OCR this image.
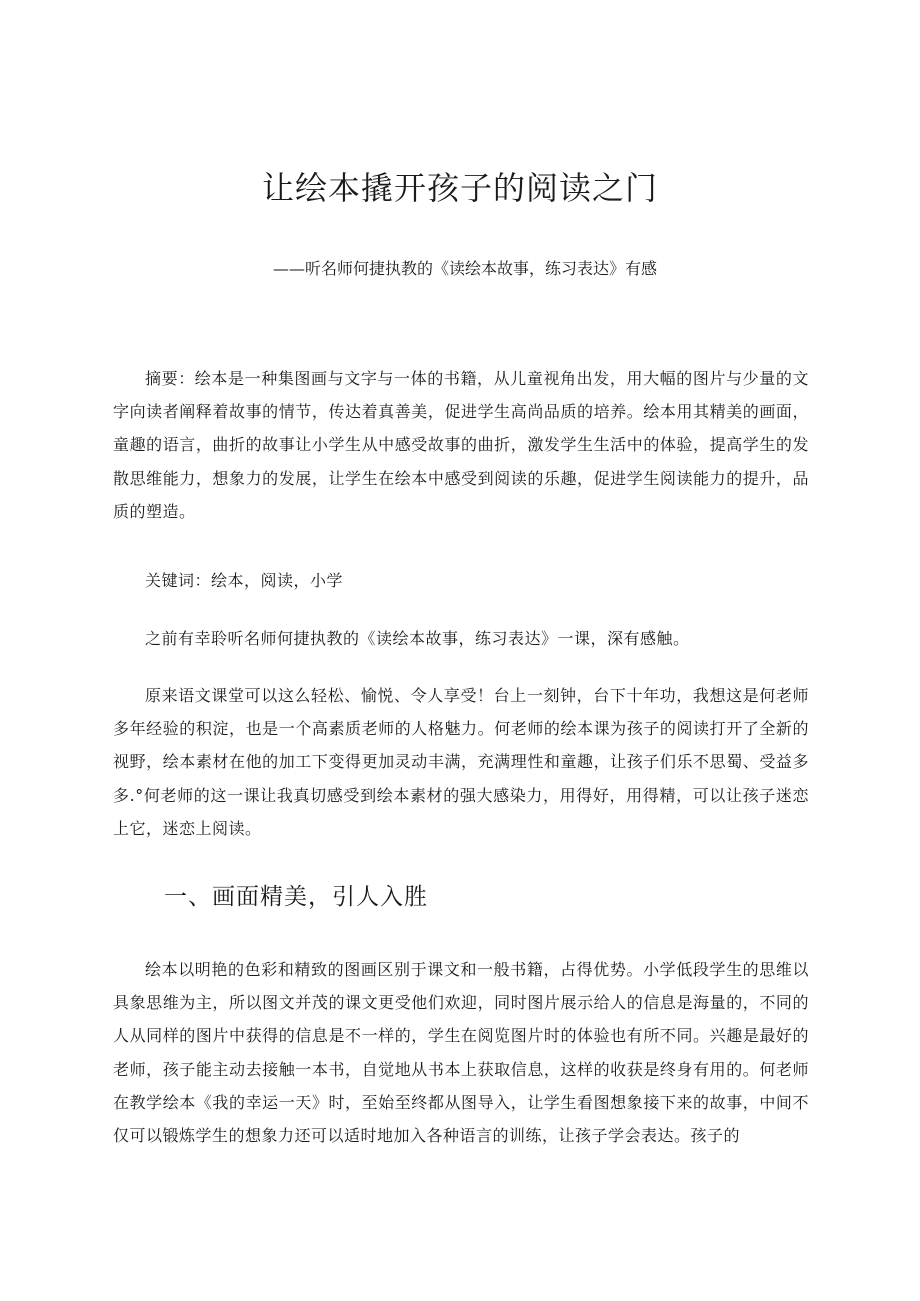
让绘本撬开孩子的阅读之门

——听名师何捷执教的《读绘本故事，练习表达》有感

摘要：绘本是一种集图画与文字与一体的书籍，从儿童视角出发，用大幅的图片与少量的文字向读者阐释着故事的情节，传达着真善美，促进学生高尚品质的培养。绘本用其精美的画面，童趣的语言，曲折的故事让小学生从中感受故事的曲折，激发学生生活中的体验，提高学生的发散思维能力，想象力的发展，让学生在绘本中感受到阅读的乐趣，促进学生阅读能力的提升，品质的塑造。

关键词：绘本，阅读，小学

之前有幸聆听名师何捷执教的《读绘本故事，练习表达》一课，深有感触。

原来语文课堂可以这么轻松、愉悦、令人享受！台上一刻钟，台下十年功，我想这是何老师多年经验的积淀，也是一个高素质老师的人格魅力。何老师的绘本课为孩子的阅读打开了全新的视野，绘本素材在他的加工下变得更加灵动丰满，充满理性和童趣，让孩子们乐不思蜀、受益多多.°何老师的这一课让我真切感受到绘本素材的强大感染力，用得好，用得精，可以让孩子迷恋上它，迷恋上阅读。

一、画面精美，引人入胜

绘本以明艳的色彩和精致的图画区别于课文和一般书籍，占得优势。小学低段学生的思维以具象思维为主，所以图文并茂的课文更受他们欢迎，同时图片展示给人的信息是海量的，不同的人从同样的图片中获得的信息是不一样的，学生在阅览图片时的体验也有所不同。兴趣是最好的老师，孩子能主动去接触一本书，自觉地从书本上获取信息，这样的收获是终身有用的。何老师在教学绘本《我的幸运一天》时，至始至终都从图导入，让学生看图想象接下来的故事，中间不仅可以锻炼学生的想象力还可以适时地加入各种语言的训练，让孩子学会表达。孩子的
